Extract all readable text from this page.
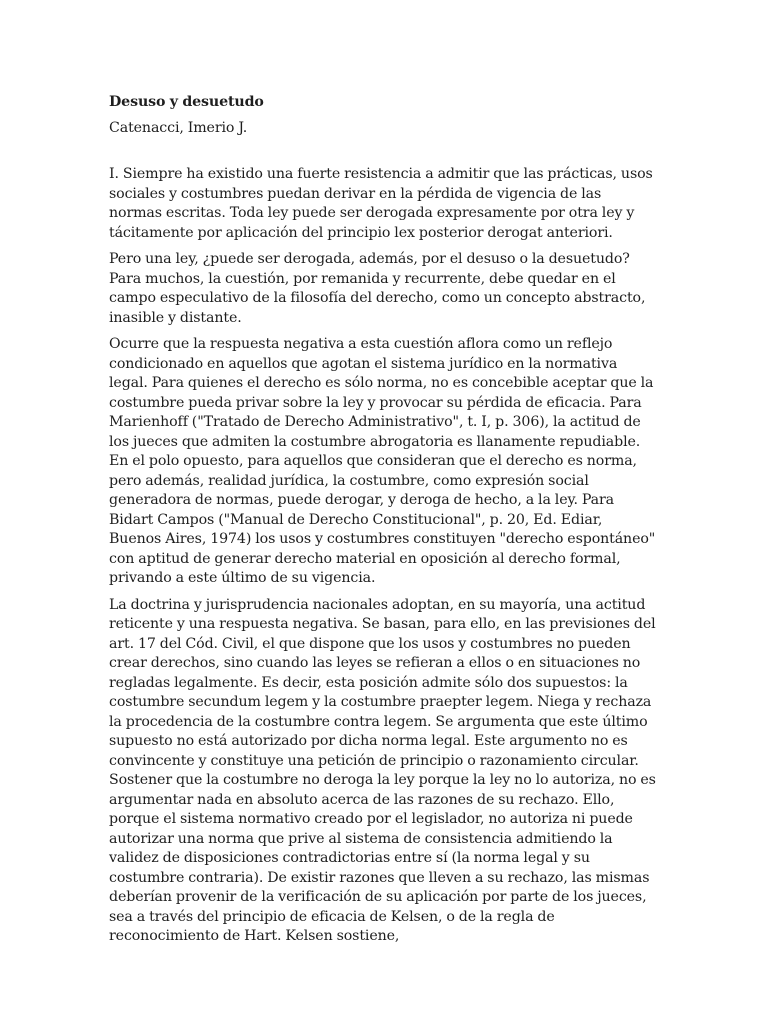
Desuso y desuetudo

Catenacci, Imerio J.

I. Siempre ha existido una fuerte resistencia a admitir que las prácticas, usos sociales y costumbres puedan derivar en la pérdida de vigencia de las normas escritas. Toda ley puede ser derogada expresamente por otra ley y tácitamente por aplicación del principio lex posterior derogat anteriori.

Pero una ley, ¿puede ser derogada, además, por el desuso o la desuetudo? Para muchos, la cuestión, por remanida y recurrente, debe quedar en el campo especulativo de la filosofía del derecho, como un concepto abstracto, inasible y distante.

Ocurre que la respuesta negativa a esta cuestión aflora como un reflejo condicionado en aquellos que agotan el sistema jurídico en la normativa legal. Para quienes el derecho es sólo norma, no es concebible aceptar que la costumbre pueda privar sobre la ley y provocar su pérdida de eficacia. Para Marienhoff ("Tratado de Derecho Administrativo", t. I, p. 306), la actitud de los jueces que admiten la costumbre abrogatoria es llanamente repudiable. En el polo opuesto, para aquellos que consideran que el derecho es norma, pero además, realidad jurídica, la costumbre, como expresión social generadora de normas, puede derogar, y deroga de hecho, a la ley. Para Bidart Campos ("Manual de Derecho Constitucional", p. 20, Ed. Ediar, Buenos Aires, 1974) los usos y costumbres constituyen "derecho espontáneo" con aptitud de generar derecho material en oposición al derecho formal, privando a este último de su vigencia.

La doctrina y jurisprudencia nacionales adoptan, en su mayoría, una actitud reticente y una respuesta negativa. Se basan, para ello, en las previsiones del art. 17 del Cód. Civil, el que dispone que los usos y costumbres no pueden crear derechos, sino cuando las leyes se refieran a ellos o en situaciones no regladas legalmente. Es decir, esta posición admite sólo dos supuestos: la costumbre secundum legem y la costumbre praepter legem. Niega y rechaza la procedencia de la costumbre contra legem. Se argumenta que este último supuesto no está autorizado por dicha norma legal. Este argumento no es convincente y constituye una petición de principio o razonamiento circular. Sostener que la costumbre no deroga la ley porque la ley no lo autoriza, no es argumentar nada en absoluto acerca de las razones de su rechazo. Ello, porque el sistema normativo creado por el legislador, no autoriza ni puede autorizar una norma que prive al sistema de consistencia admitiendo la validez de disposiciones contradictorias entre sí (la norma legal y su costumbre contraria). De existir razones que lleven a su rechazo, las mismas deberían provenir de la verificación de su aplicación por parte de los jueces, sea a través del principio de eficacia de Kelsen, o de la regla de reconocimiento de Hart. Kelsen sostiene,
